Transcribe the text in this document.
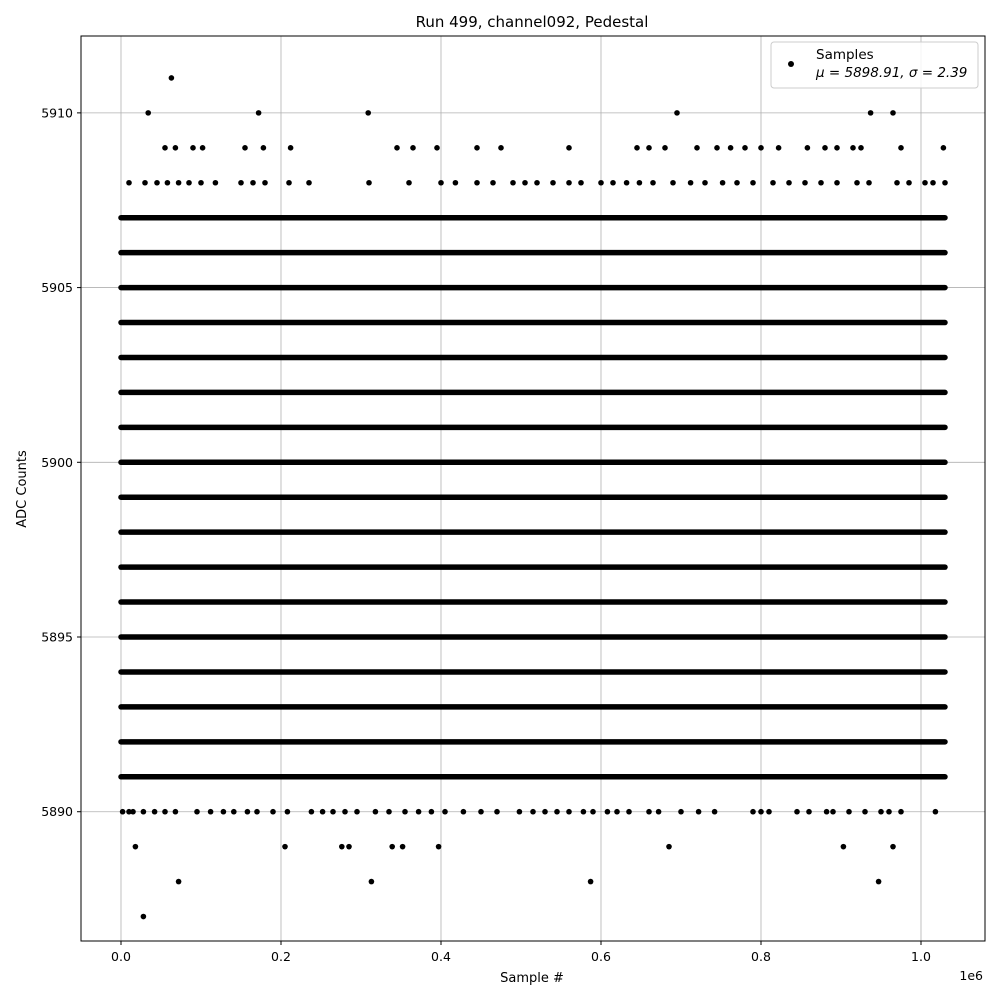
Run 499, channel092, Pedestal
0.0	0.2	0.4	0.6	0.8	1.0
5890
5895
5900
5905
5910
Sample #
ADC Counts
1e6
Samples
μ = 5898.91, σ = 2.39
